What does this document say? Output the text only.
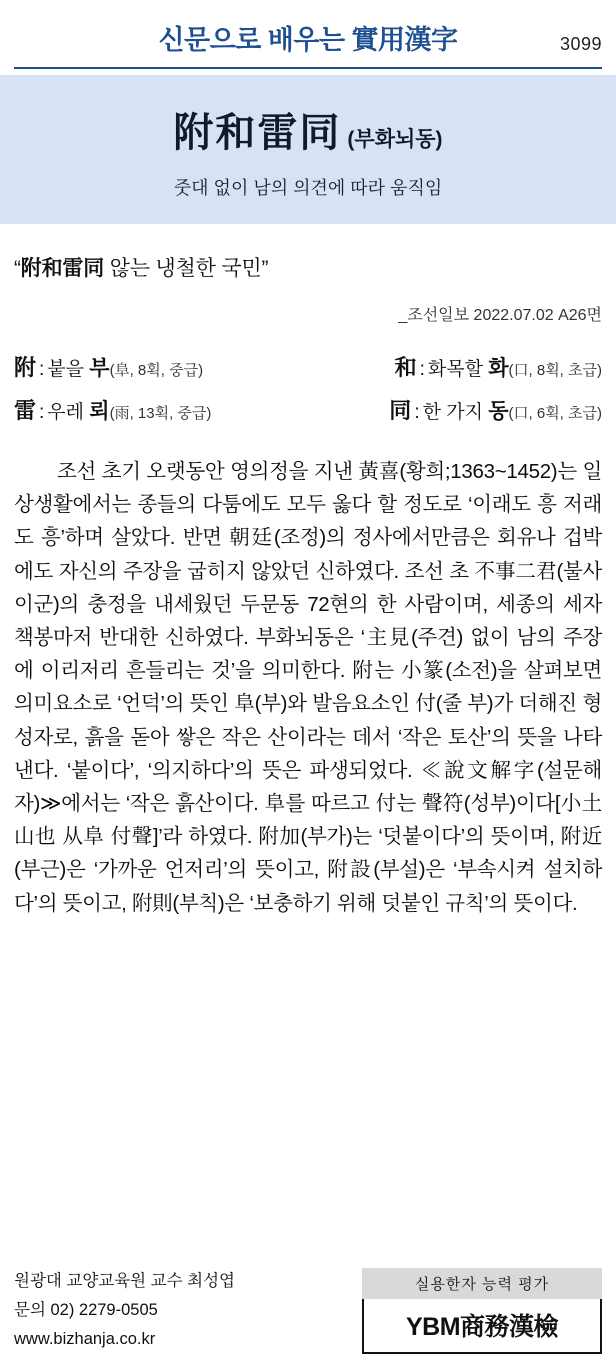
신문으로 배우는 實用漢字	3099
附和雷同 (부화뇌동)
줏대 없이 남의 의견에 따라 움직임
“附和雷同 않는 냉철한 국민”
_조선일보 2022.07.02 A26면
附 : 붙을 부(阜, 8획, 중급)	和 : 화목할 화(口, 8획, 초급)
雷 : 우레 뢰(雨, 13획, 중급)	同 : 한 가지 동(口, 6획, 초급)
조선 초기 오랫동안 영의정을 지낸 黃喜(황희;1363~1452)는 일상생활에서는 종들의 다툼에도 모두 옳다 할 정도로 ‘이래도 흥 저래도 흥’하며 살았다. 반면 朝廷(조정)의 정사에서만큼은 회유나 겁박에도 자신의 주장을 굽히지 않았던 신하였다. 조선 초 不事二君(불사이군)의 충정을 내세웠던 두문동 72현의 한 사람이며, 세종의 세자 책봉마저 반대한 신하였다. 부화뇌동은 ‘主見(주견) 없이 남의 주장에 이리저리 흔들리는 것’을 의미한다. 附는 小篆(소전)을 살펴보면 의미요소로 ‘언덕’의 뜻인 阜(부)와 발음요소인 付(줄 부)가 더해진 형성자로, 흙을 돋아 쌓은 작은 산이라는 데서 ‘작은 토산’의 뜻을 나타낸다. ‘붙이다’, ‘의지하다’의 뜻은 파생되었다. ≪說文解字(설문해자)≫에서는 ‘작은 흙산이다. 阜를 따르고 付는 聲符(성부)이다[小土山也 从阜 付聲]’라 하였다. 附加(부가)는 ‘덧붙이다’의 뜻이며, 附近(부근)은 ‘가까운 언저리’의 뜻이고, 附設(부설)은 ‘부속시켜 설치하다’의 뜻이고, 附則(부칙)은 ‘보충하기 위해 덧붙인 규칙’의 뜻이다.
원광대 교양교육원 교수 최성엽
문의 02) 2279-0505
www.bizhanja.co.kr
실용한자 능력 평가
YBM商務漢檢
